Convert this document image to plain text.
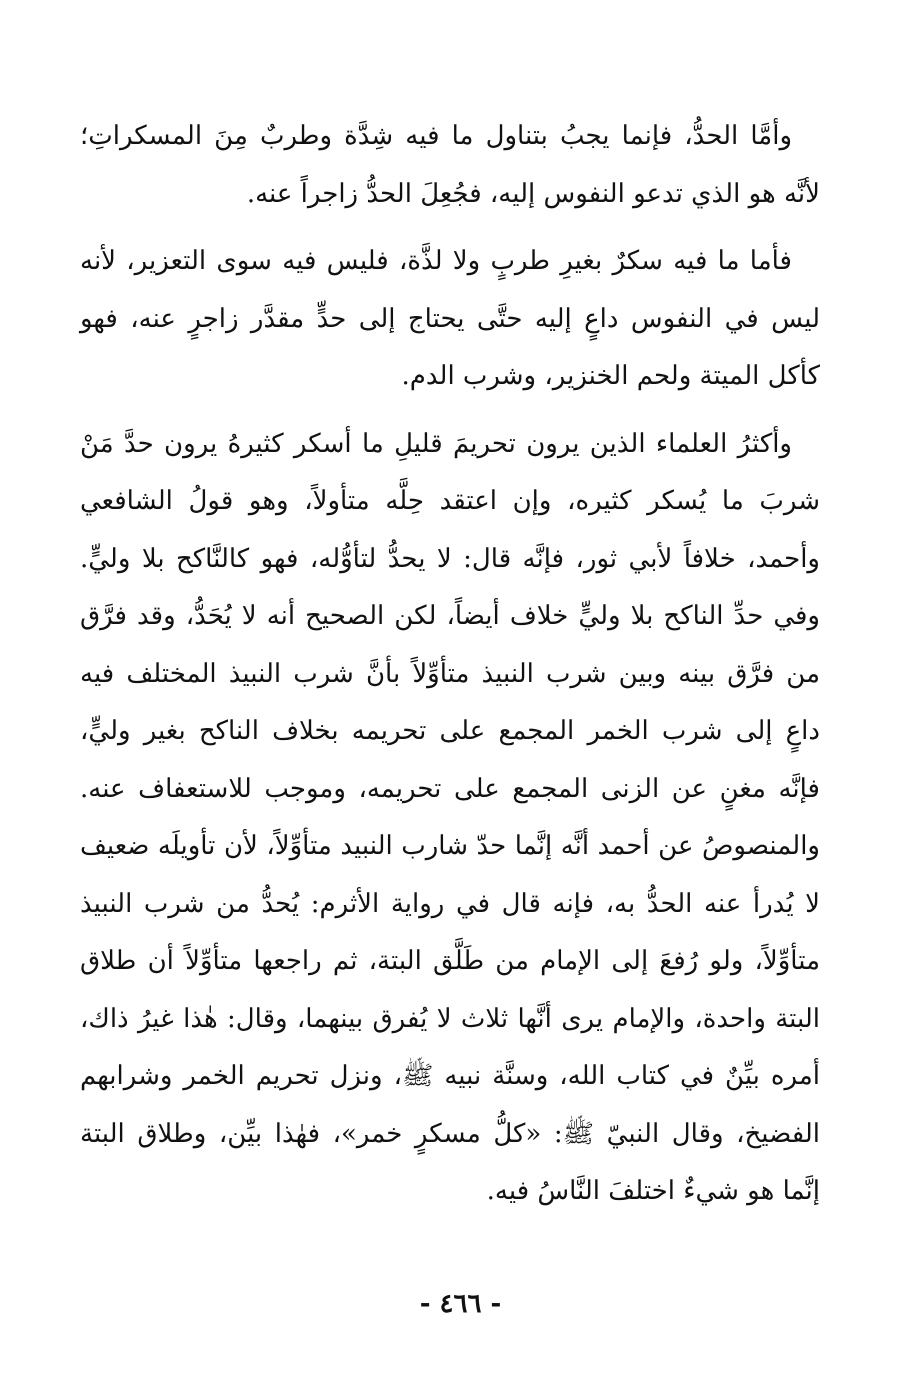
وأمَّا الحدُّ، فإنما يجبُ بتناول ما فيه شِدَّة وطربٌ مِنَ المسكراتِ؛ لأنَّه هو الذي تدعو النفوس إليه، فجُعِلَ الحدُّ زاجراً عنه.

فأما ما فيه سكرٌ بغيرِ طربٍ ولا لذَّة، فليس فيه سوى التعزير، لأنه ليس في النفوس داعٍ إليه حتَّى يحتاج إلى حدٍّ مقدَّر زاجرٍ عنه، فهو كأكل الميتة ولحم الخنزير، وشرب الدم.

وأكثرُ العلماء الذين يرون تحريمَ قليلِ ما أسكر كثيرهُ يرون حدَّ مَنْ شربَ ما يُسكر كثيره، وإن اعتقد حِلَّه متأولاً، وهو قولُ الشافعي وأحمد، خلافاً لأبي ثور، فإنَّه قال: لا يحدُّ لتأوُّله، فهو كالنَّاكح بلا وليٍّ. وفي حدِّ الناكح بلا وليٍّ خلاف أيضاً، لكن الصحيح أنه لا يُحَدُّ، وقد فرَّق من فرَّق بينه وبين شرب النبيذ متأوِّلاً بأنَّ شرب النبيذ المختلف فيه داعٍ إلى شرب الخمر المجمع على تحريمه بخلاف الناكح بغير وليٍّ، فإنَّه مغنٍ عن الزنى المجمع على تحريمه، وموجب للاستعفاف عنه. والمنصوصُ عن أحمد أنَّه إنَّما حدّ شارب النبيد متأوِّلاً، لأن تأويلَه ضعيف لا يُدرأ عنه الحدُّ به، فإنه قال في رواية الأثرم: يُحدُّ من شرب النبيذ متأوِّلاً، ولو رُفعَ إلى الإمام من طَلَّق البتة، ثم راجعها متأوِّلاً أن طلاق البتة واحدة، والإمام يرى أنَّها ثلاث لا يُفرق بينهما، وقال: هٰذا غيرُ ذاك، أمره بيِّنٌ في كتاب الله، وسنَّة نبيه ﷺ، ونزل تحريم الخمر وشرابهم الفضيخ، وقال النبيّ ﷺ: «كلُّ مسكرٍ خمر»، فهٰذا بيِّن، وطلاق البتة إنَّما هو شيءٌ اختلفَ النَّاسُ فيه.

- ٤٦٦ -
